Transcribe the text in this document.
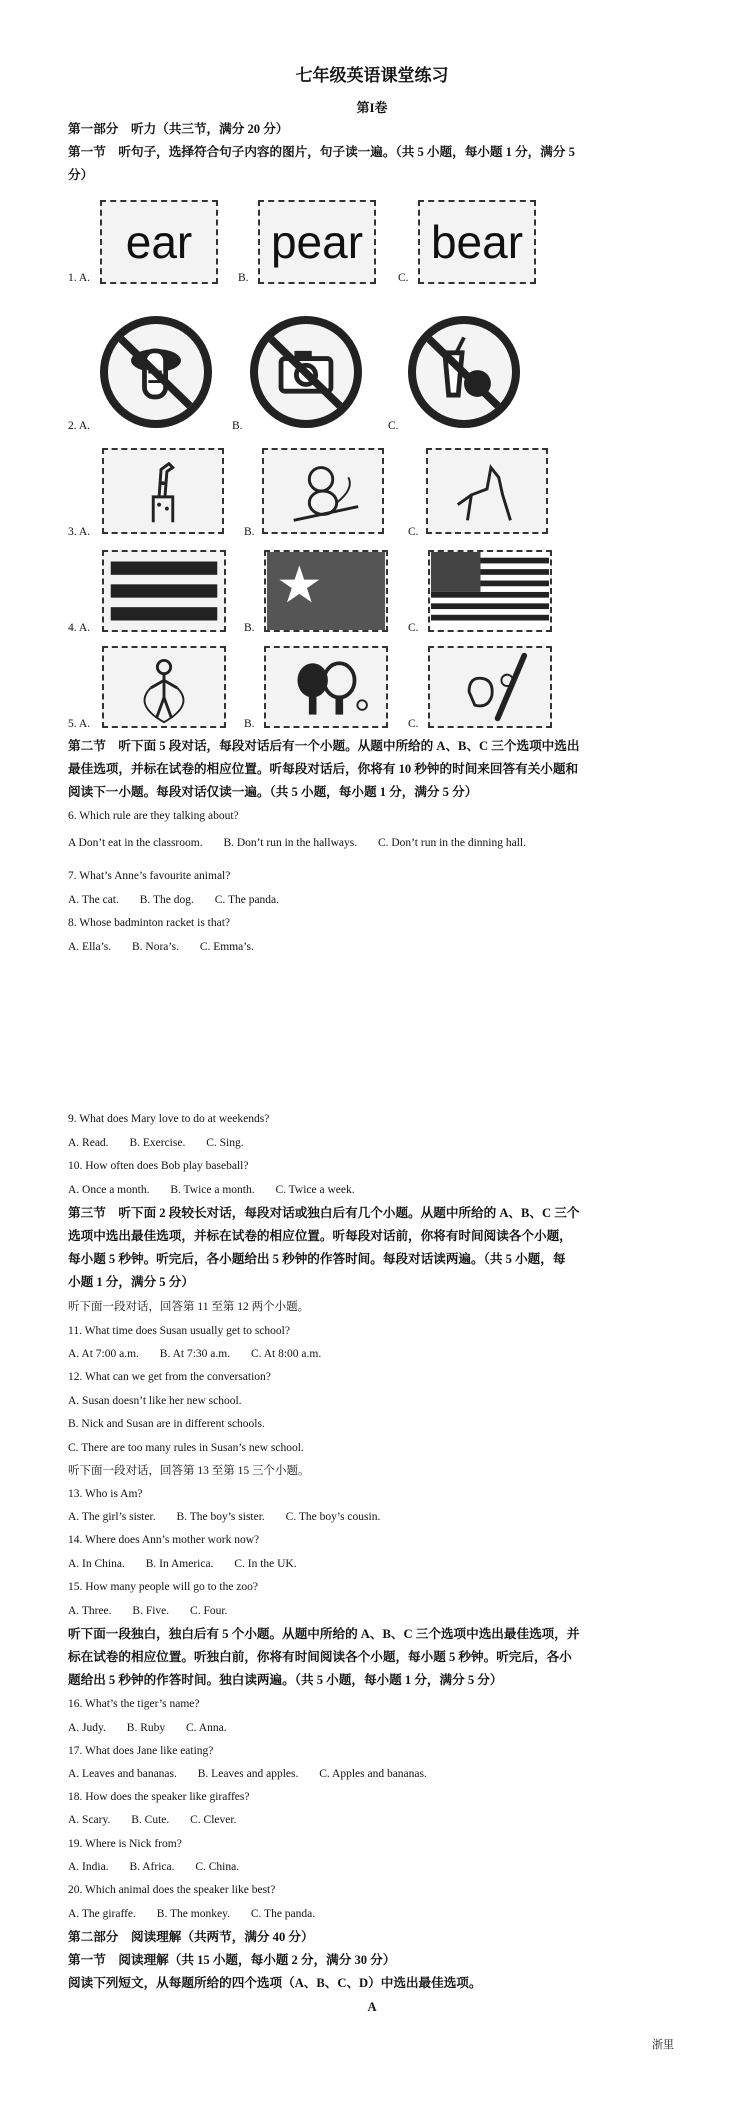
七年级英语课堂练习
第I卷
第一部分　听力（共三节，满分 20 分）
第一节　听句子，选择符合句子内容的图片，句子读一遍。（共 5 小题，每小题 1 分，满分 5
分）
ear	pear bear
1. A.	B.	C.
2. A.	B.	C.
3. A.	B.	C.
4. A.	B.	C.
5. A.	B.	C.
第二节　听下面 5 段对话，每段对话后有一个小题。从题中所给的 A、B、C 三个选项中选出
最佳选项，并标在试卷的相应位置。听每段对话后，你将有 10 秒钟的时间来回答有关小题和
阅读下一小题。每段对话仅读一遍。（共 5 小题，每小题 1 分，满分 5 分）
6. Which rule are they talking about?
A Don’t eat in the classroom. B. Don’t run in the hallways. C. Don’t run in the dinning hall.
7. What’s Anne’s favourite animal?
A. The cat. B. The dog. C. The panda.
8. Whose badminton racket is that?
A. Ella’s. B. Nora’s. C. Emma’s.
9. What does Mary love to do at weekends?
A. Read. B. Exercise. C. Sing.
10. How often does Bob play baseball?
A. Once a month. B. Twice a month. C. Twice a week.
第三节　听下面 2 段较长对话，每段对话或独白后有几个小题。从题中所给的 A、B、C 三个
选项中选出最佳选项，并标在试卷的相应位置。听每段对话前，你将有时间阅读各个小题，
每小题 5 秒钟。听完后，各小题给出 5 秒钟的作答时间。每段对话读两遍。（共 5 小题，每
小题 1 分，满分 5 分）
听下面一段对话，回答第 11 至第 12 两个小题。
11. What time does Susan usually get to school?
A. At 7:00 a.m. B. At 7:30 a.m. C. At 8:00 a.m.
12. What can we get from the conversation?
A. Susan doesn’t like her new school.
B. Nick and Susan are in different schools.
C. There are too many rules in Susan’s new school.
听下面一段对话，回答第 13 至第 15 三个小题。
13. Who is Am?
A. The girl’s sister. B. The boy’s sister. C. The boy’s cousin.
14. Where does Ann’s mother work now?
A. In China. B. In America. C. In the UK.
15. How many people will go to the zoo?
A. Three. B. Five. C. Four.
听下面一段独白，独白后有 5 个小题。从题中所给的 A、B、C 三个选项中选出最佳选项，并
标在试卷的相应位置。听独白前，你将有时间阅读各个小题，每小题 5 秒钟。听完后，各小
题给出 5 秒钟的作答时间。独白读两遍。（共 5 小题，每小题 1 分，满分 5 分）
16. What’s the tiger’s name?
A. Judy. B. Ruby C. Anna.
17. What does Jane like eating?
A. Leaves and bananas. B. Leaves and apples. C. Apples and bananas.
18. How does the speaker like giraffes?
A. Scary. B. Cute. C. Clever.
19. Where is Nick from?
A. India. B. Africa. C. China.
20. Which animal does the speaker like best?
A. The giraffe. B. The monkey. C. The panda.
第二部分　阅读理解（共两节，满分 40 分）
第一节　阅读理解（共 15 小题，每小题 2 分，满分 30 分）
阅读下列短文，从每题所给的四个选项（A、B、C、D）中选出最佳选项。
A
浙里
